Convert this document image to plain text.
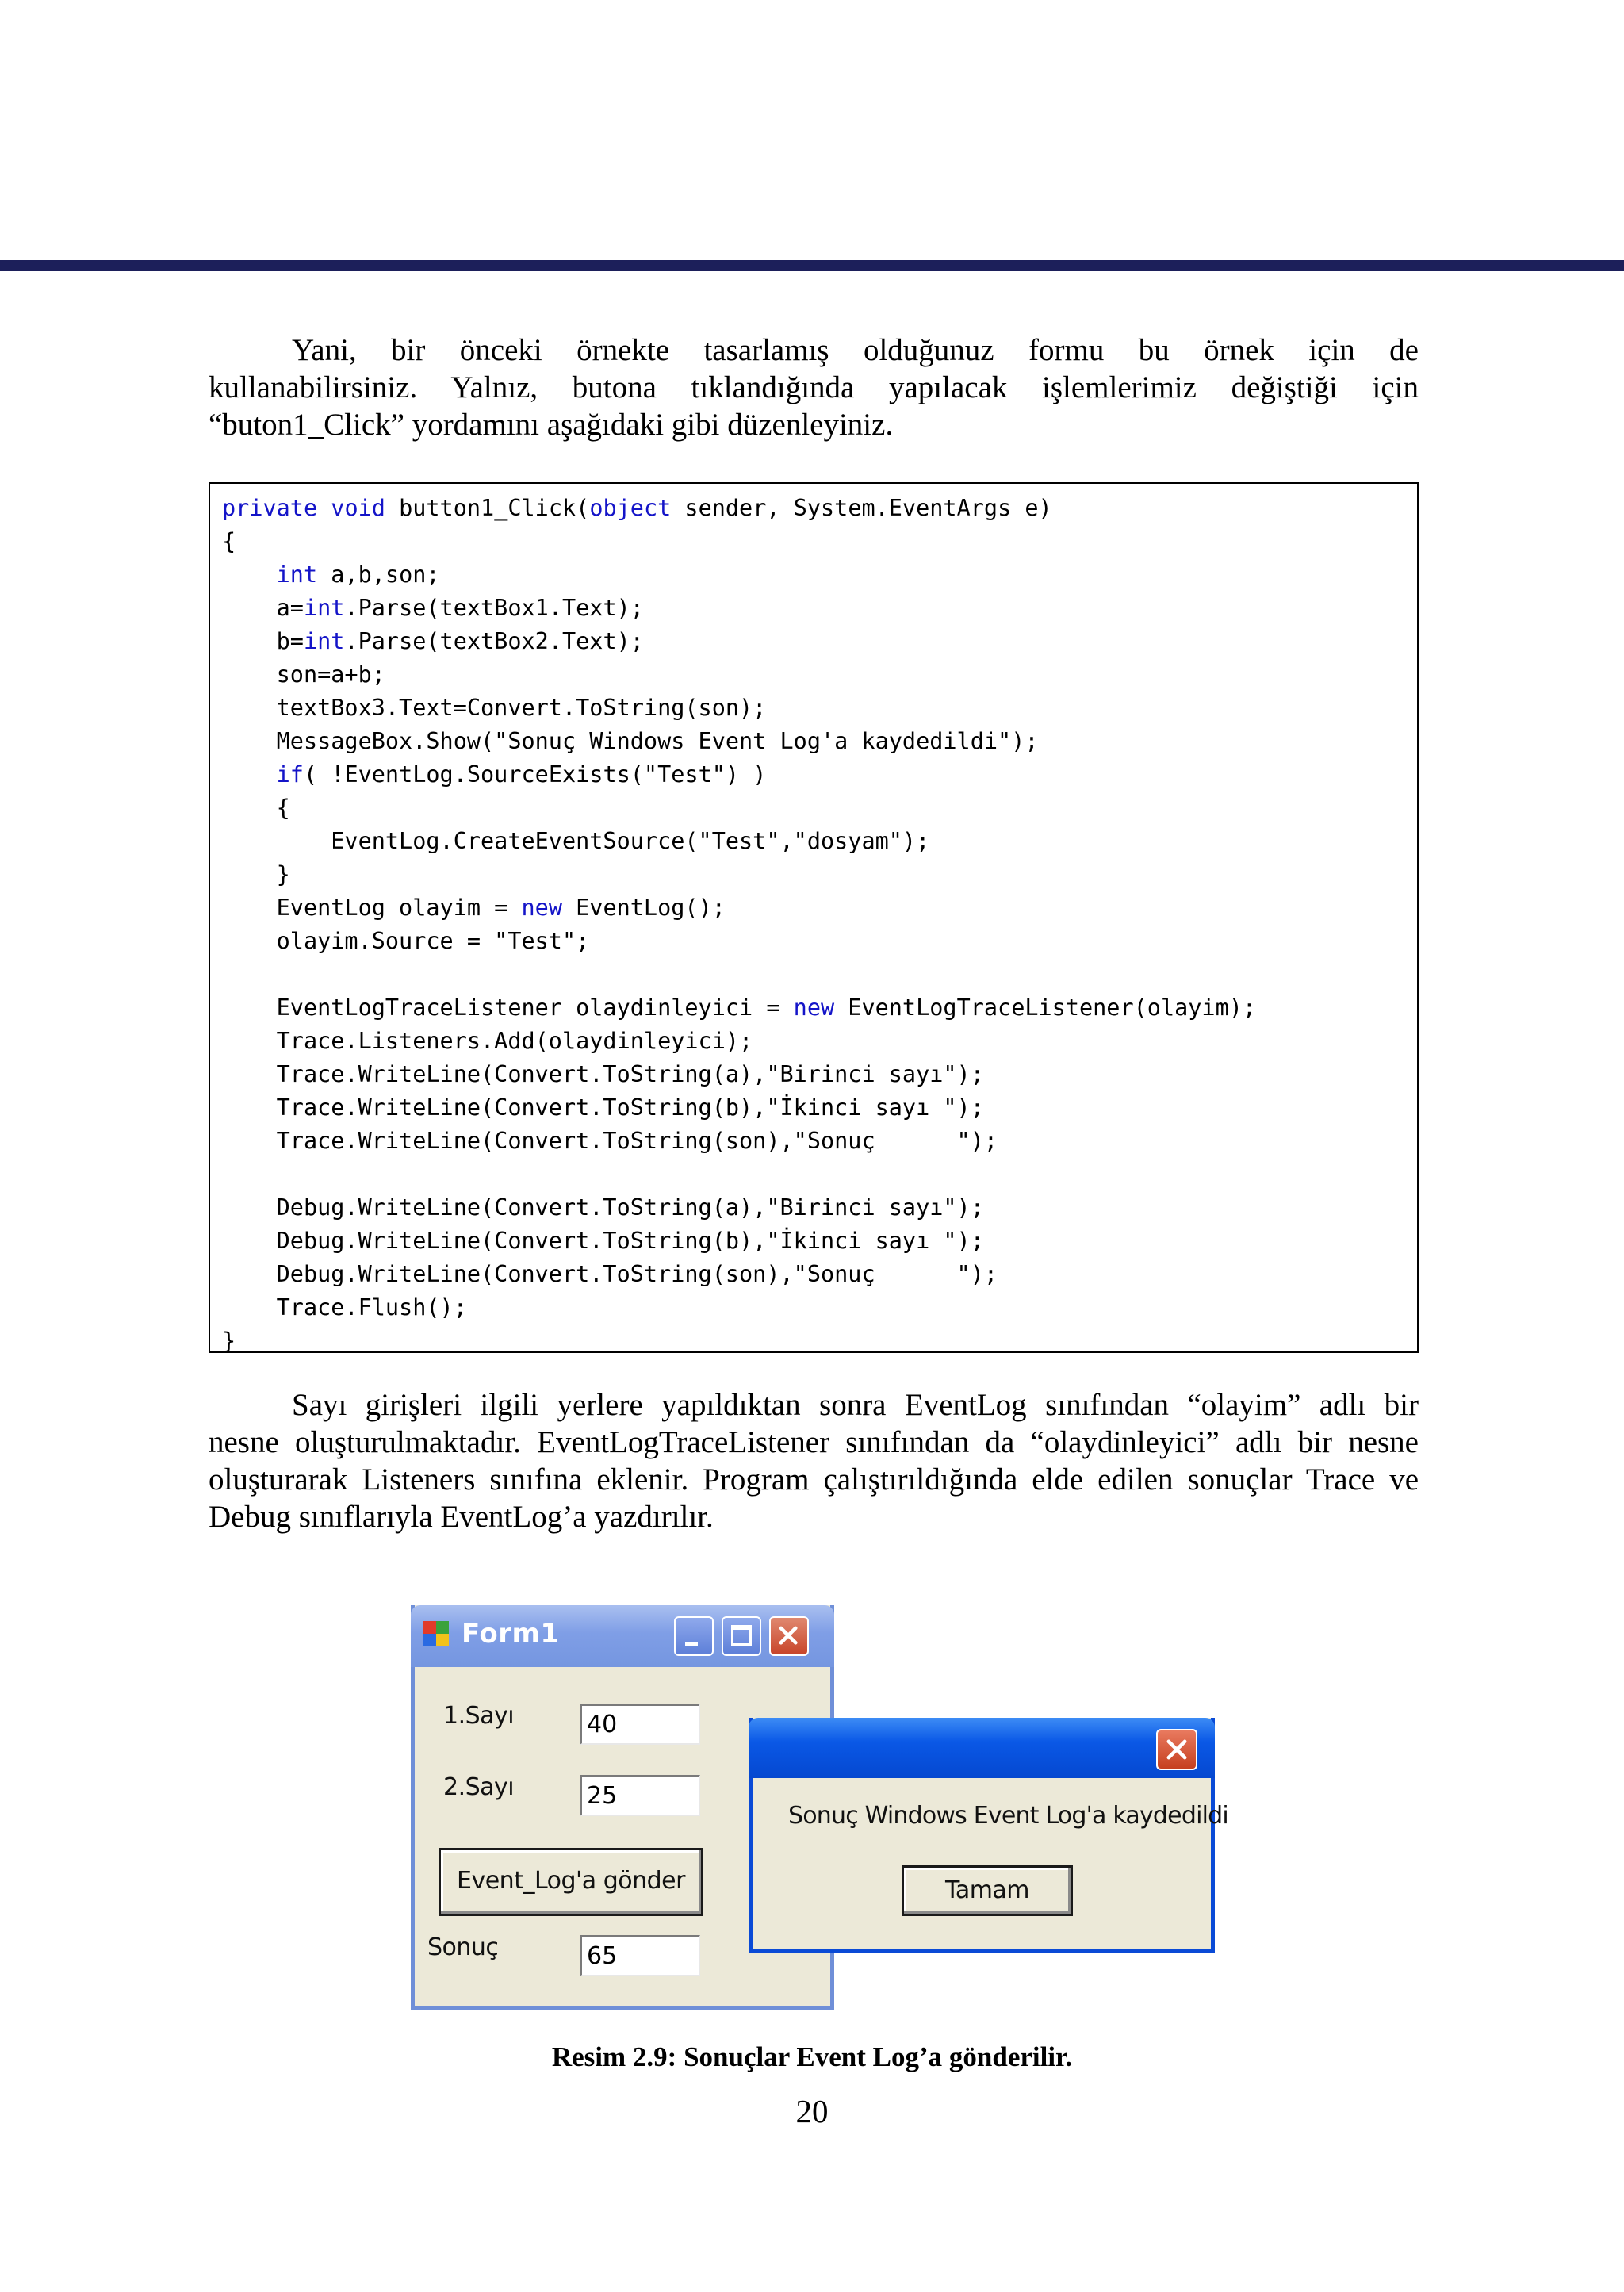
Yani, bir önceki örnekte tasarlamış olduğunuz formu bu örnek için de
kullanabilirsiniz. Yalnız, butona tıklandığında yapılacak işlemlerimiz değiştiği için
“buton1_Click” yordamını aşağıdaki gibi düzenleyiniz.

private void button1_Click(object sender, System.EventArgs e)
{
int a,b,son;
a=int.Parse(textBox1.Text);
b=int.Parse(textBox2.Text);
son=a+b;
textBox3.Text=Convert.ToString(son);
MessageBox.Show("Sonuç Windows Event Log'a kaydedildi");
if( !EventLog.SourceExists("Test") )
{
EventLog.CreateEventSource("Test","dosyam");
}
EventLog olayim = new EventLog();
olayim.Source = "Test";

EventLogTraceListener olaydinleyici = new EventLogTraceListener(olayim);
Trace.Listeners.Add(olaydinleyici);
Trace.WriteLine(Convert.ToString(a),"Birinci sayı");
Trace.WriteLine(Convert.ToString(b),"İkinci sayı ");
Trace.WriteLine(Convert.ToString(son),"Sonuç      ");

Debug.WriteLine(Convert.ToString(a),"Birinci sayı");
Debug.WriteLine(Convert.ToString(b),"İkinci sayı ");
Debug.WriteLine(Convert.ToString(son),"Sonuç      ");
Trace.Flush();
}

Sayı girişleri ilgili yerlere yapıldıktan sonra EventLog sınıfından “olayim” adlı bir
nesne oluşturulmaktadır. EventLogTraceListener sınıfından da “olaydinleyici” adlı bir nesne
oluşturarak Listeners sınıfına eklenir. Program çalıştırıldığında elde edilen sonuçlar Trace ve
Debug sınıflarıyla EventLog’a yazdırılır.

Form1
1.Sayı	40
2.Sayı	25
Event_Log'a gönder
Sonuç	65
Sonuç Windows Event Log'a kaydedildi
Tamam
Resim 2.9: Sonuçlar Event Log’a gönderilir.
20
